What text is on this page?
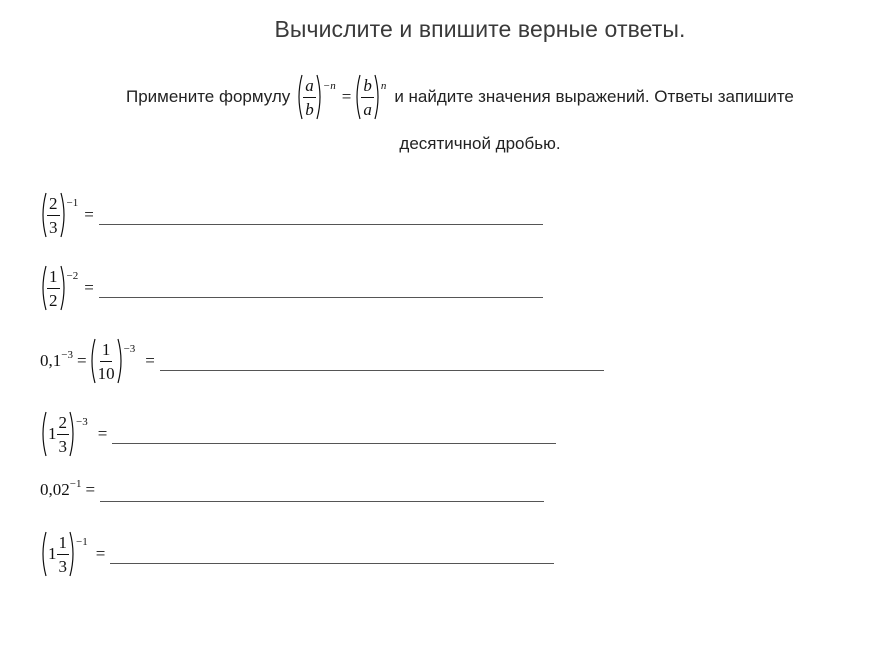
Вычислите и впишите верные ответы.
Примените формулу $\frac{a}{b} -n$
= $\frac{b}{a}$ n
и найдите значения выражений. Ответы запишите
десятичной дробью.
$\frac{2}{3} -1$
=
$\frac{1}{2} -2$
=
$0,1 -3 = \frac{1}{10} -3$
=
$1 \frac{2}{3} -3$
=
0,02 −1 =
$1 \frac{1}{3} -1$
=
